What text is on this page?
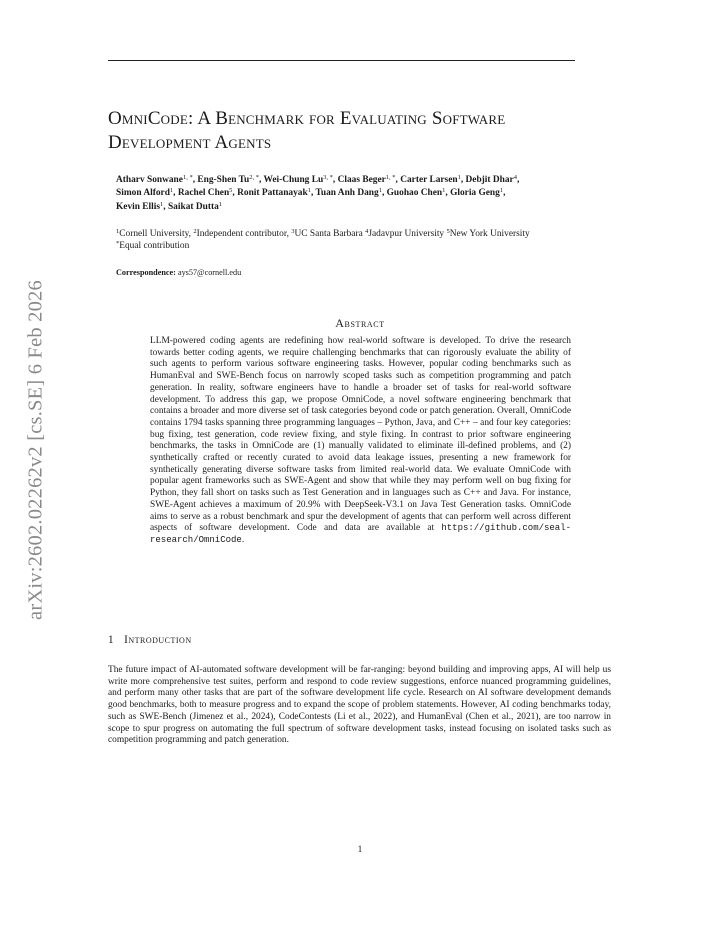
arXiv:2602.02262v2 [cs.SE] 6 Feb 2026
OmniCode: A Benchmark for Evaluating Software
Development Agents
Atharv Sonwane$^{1, *}$, Eng-Shen $Tu^{2, *}$, Wei-Chung $Lu^{3, *}$, Claas Beger$^{1, *}$, Carter Larsen$^1$, Debjit Dhar$^4$,
Simon Alford$^1$, Rachel Chen$^5$, Ronit Pattanayak$^1$, Tuan Anh Dang$^1$, Guohao Chen$^1$, Gloria Geng$^1$,
Kevin Ellis$^1$, Saikat Dutta$^1$
$^1$Cornell University, $^2$Independent contributor, $^3$UC Santa Barbara $^4$Jadavpur University $^5$New York University
*Equal contribution
Correspondence: ays57@cornell.edu
Abstract
LLM-powered coding agents are redefining how real-world software is developed. To drive the research towards better coding agents, we require challenging benchmarks that can rigorously evaluate the ability of such agents to perform various software engineering tasks. However, popular coding benchmarks such as HumanEval and SWE-Bench focus on narrowly scoped tasks such as competition programming and patch generation. In reality, software engineers have to handle a broader set of tasks for real-world software development. To address this gap, we propose OmniCode, a novel software engineering benchmark that contains a broader and more diverse set of task categories beyond code or patch generation. Overall, OmniCode contains 1794 tasks spanning three programming languages – Python, Java, and C++ – and four key categories: bug fixing, test generation, code review fixing, and style fixing. In contrast to prior software engineering benchmarks, the tasks in OmniCode are (1) manually validated to eliminate ill-defined problems, and (2) synthetically crafted or recently curated to avoid data leakage issues, presenting a new framework for synthetically generating diverse software tasks from limited real-world data. We evaluate OmniCode with popular agent frameworks such as SWE-Agent and show that while they may perform well on bug fixing for Python, they fall short on tasks such as Test Generation and in languages such as C++ and Java. For instance, SWE-Agent achieves a maximum of 20.9% with DeepSeek-V3.1 on Java Test Generation tasks. OmniCode aims to serve as a robust benchmark and spur the development of agents that can perform well across different aspects of software development. Code and data are available at https://github.com/seal-research/OmniCode.
1 Introduction
The future impact of AI-automated software development will be far-ranging: beyond building and improving apps, AI will help us write more comprehensive test suites, perform and respond to code review suggestions, enforce nuanced programming guidelines, and perform many other tasks that are part of the software development life cycle. Research on AI software development demands good benchmarks, both to measure progress and to expand the scope of problem statements. However, AI coding benchmarks today, such as SWE-Bench (Jimenez et al., 2024), CodeContests (Li et al., 2022), and HumanEval (Chen et al., 2021), are too narrow in scope to spur progress on automating the full spectrum of software development tasks, instead focusing on isolated tasks such as competition programming and patch generation.
1
